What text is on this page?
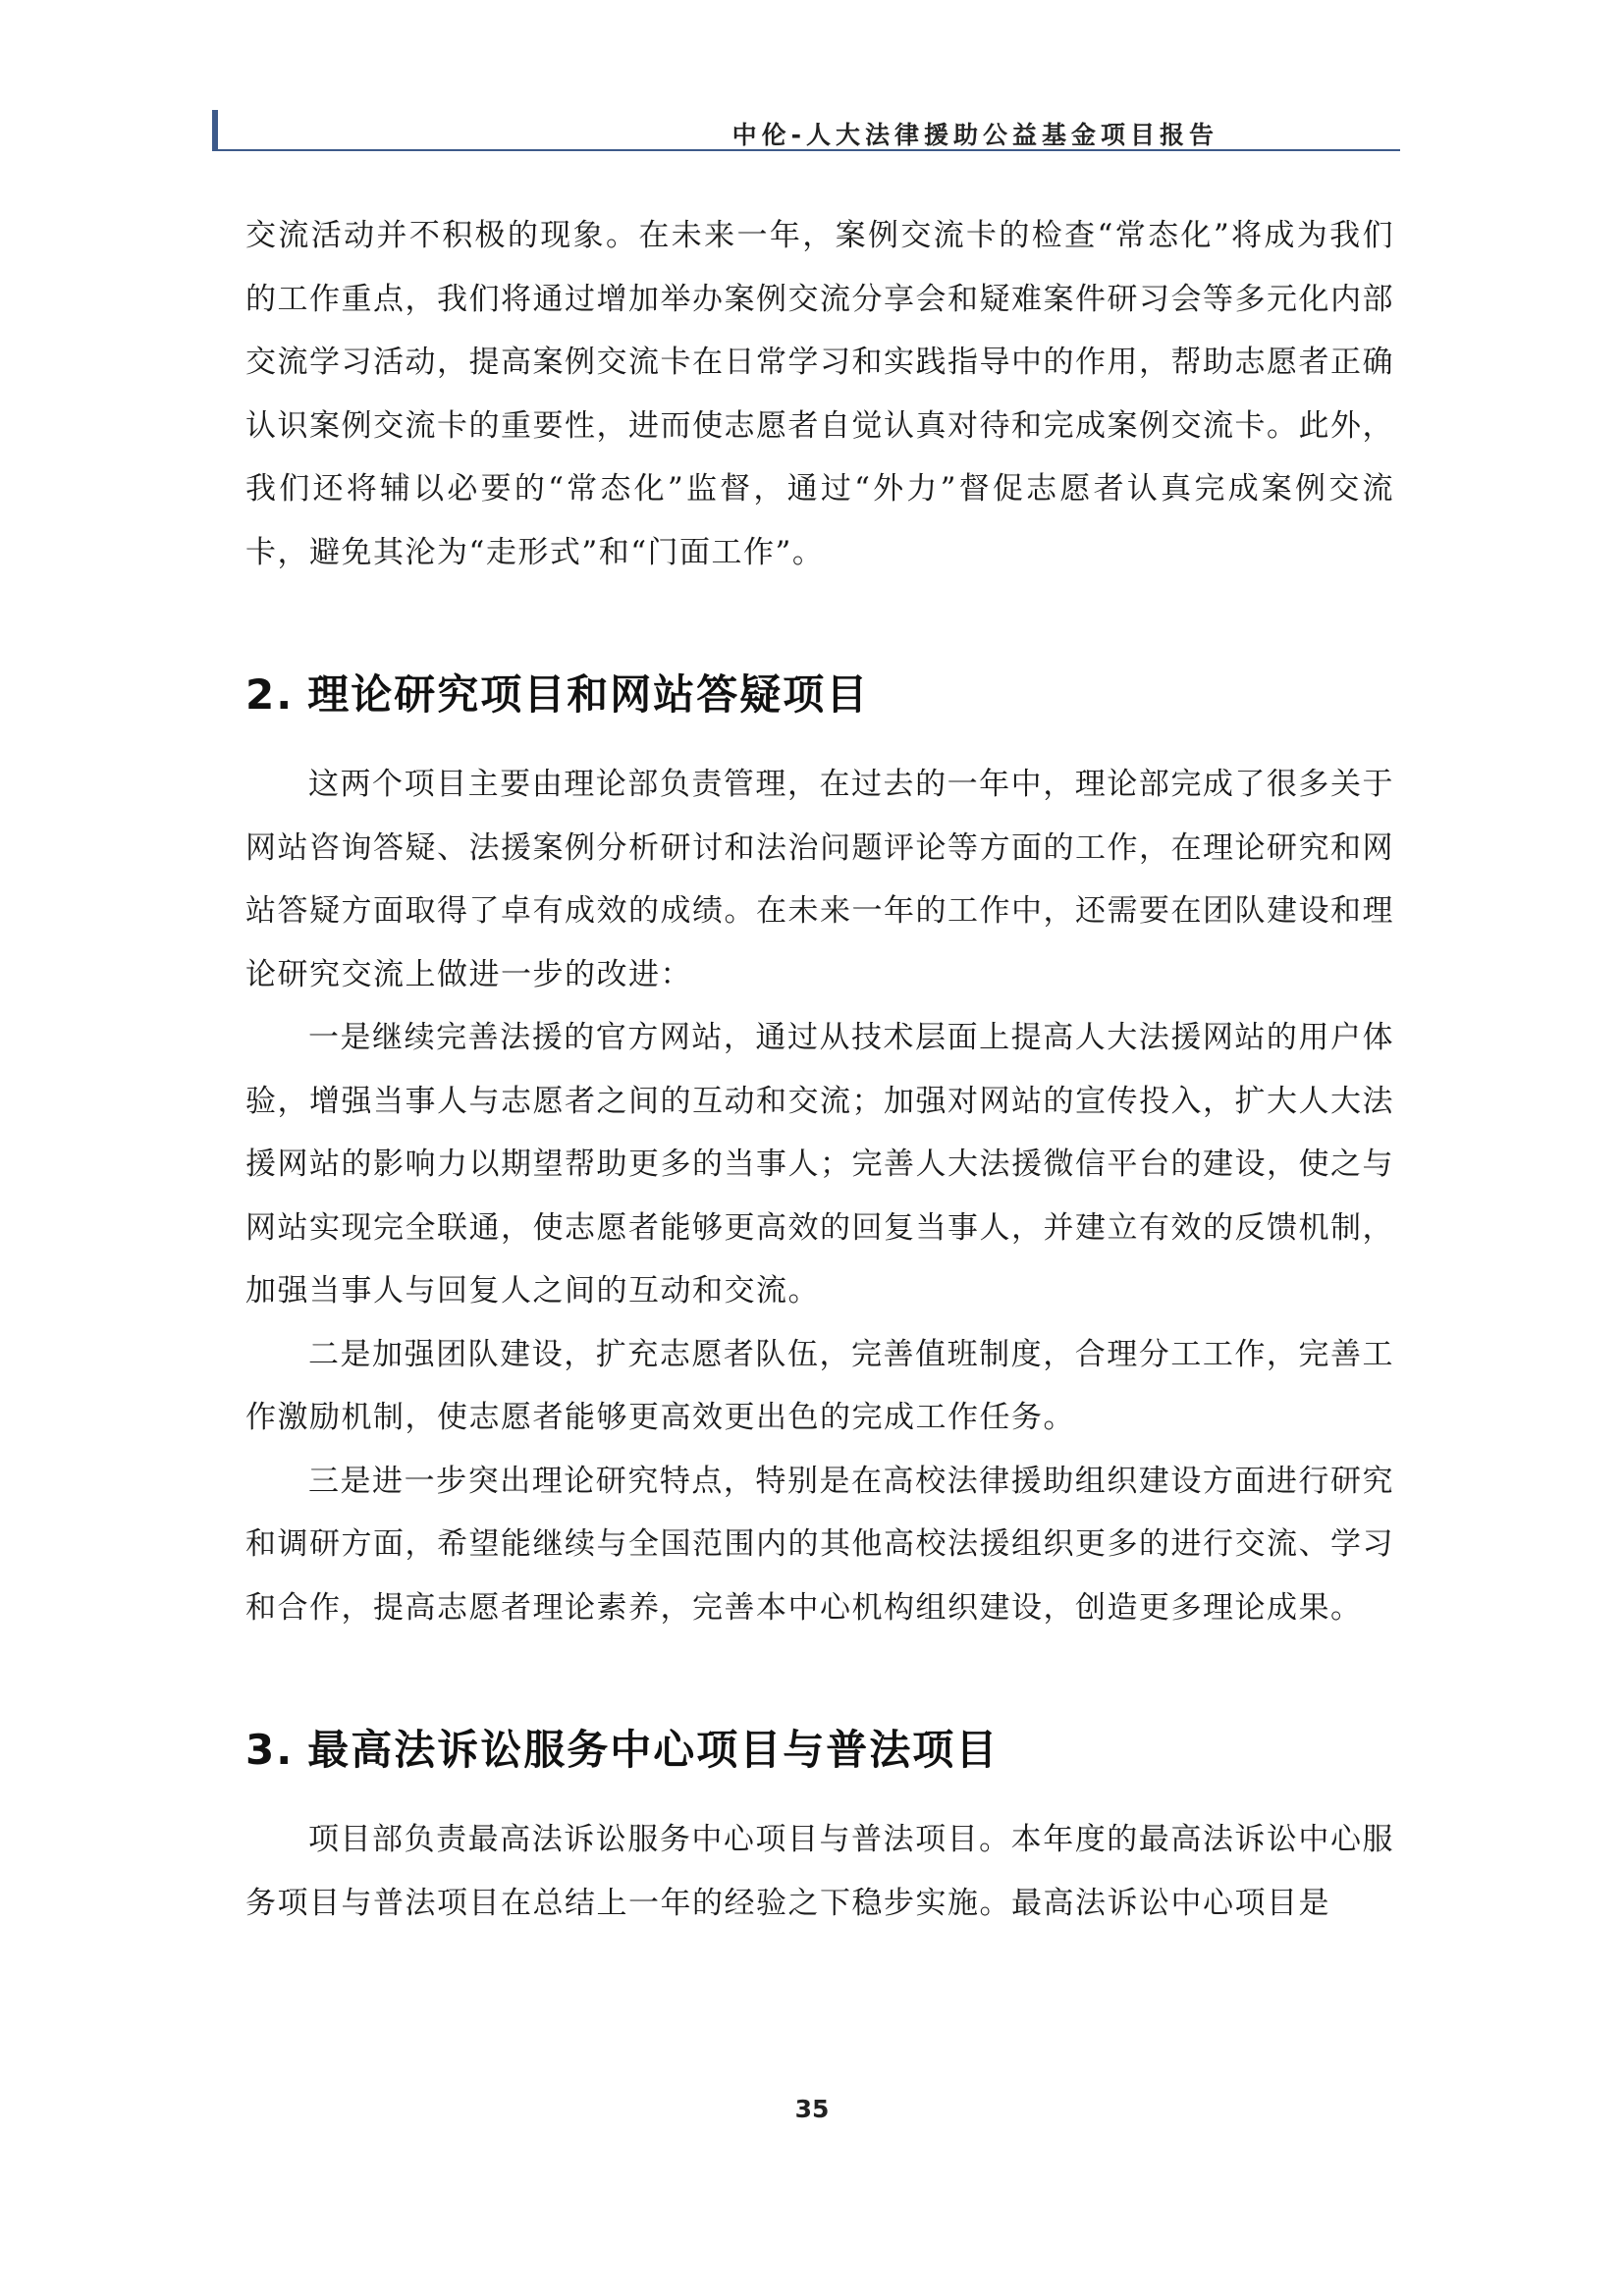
中伦-人大法律援助公益基金项目报告

交流活动并不积极的现象。在未来一年，案例交流卡的检查“常态化”将成为我们的工作重点，我们将通过增加举办案例交流分享会和疑难案件研习会等多元化内部交流学习活动，提高案例交流卡在日常学习和实践指导中的作用，帮助志愿者正确认识案例交流卡的重要性，进而使志愿者自觉认真对待和完成案例交流卡。此外，我们还将辅以必要的“常态化”监督，通过“外力”督促志愿者认真完成案例交流卡，避免其沦为“走形式”和“门面工作”。

2. 理论研究项目和网站答疑项目

这两个项目主要由理论部负责管理，在过去的一年中，理论部完成了很多关于网站咨询答疑、法援案例分析研讨和法治问题评论等方面的工作，在理论研究和网站答疑方面取得了卓有成效的成绩。在未来一年的工作中，还需要在团队建设和理论研究交流上做进一步的改进：

一是继续完善法援的官方网站，通过从技术层面上提高人大法援网站的用户体验，增强当事人与志愿者之间的互动和交流；加强对网站的宣传投入，扩大人大法援网站的影响力以期望帮助更多的当事人；完善人大法援微信平台的建设，使之与网站实现完全联通，使志愿者能够更高效的回复当事人，并建立有效的反馈机制，加强当事人与回复人之间的互动和交流。

二是加强团队建设，扩充志愿者队伍，完善值班制度，合理分工工作，完善工作激励机制，使志愿者能够更高效更出色的完成工作任务。

三是进一步突出理论研究特点，特别是在高校法律援助组织建设方面进行研究和调研方面，希望能继续与全国范围内的其他高校法援组织更多的进行交流、学习和合作，提高志愿者理论素养，完善本中心机构组织建设，创造更多理论成果。

3. 最高法诉讼服务中心项目与普法项目

项目部负责最高法诉讼服务中心项目与普法项目。本年度的最高法诉讼中心服务项目与普法项目在总结上一年的经验之下稳步实施。最高法诉讼中心项目是

35
